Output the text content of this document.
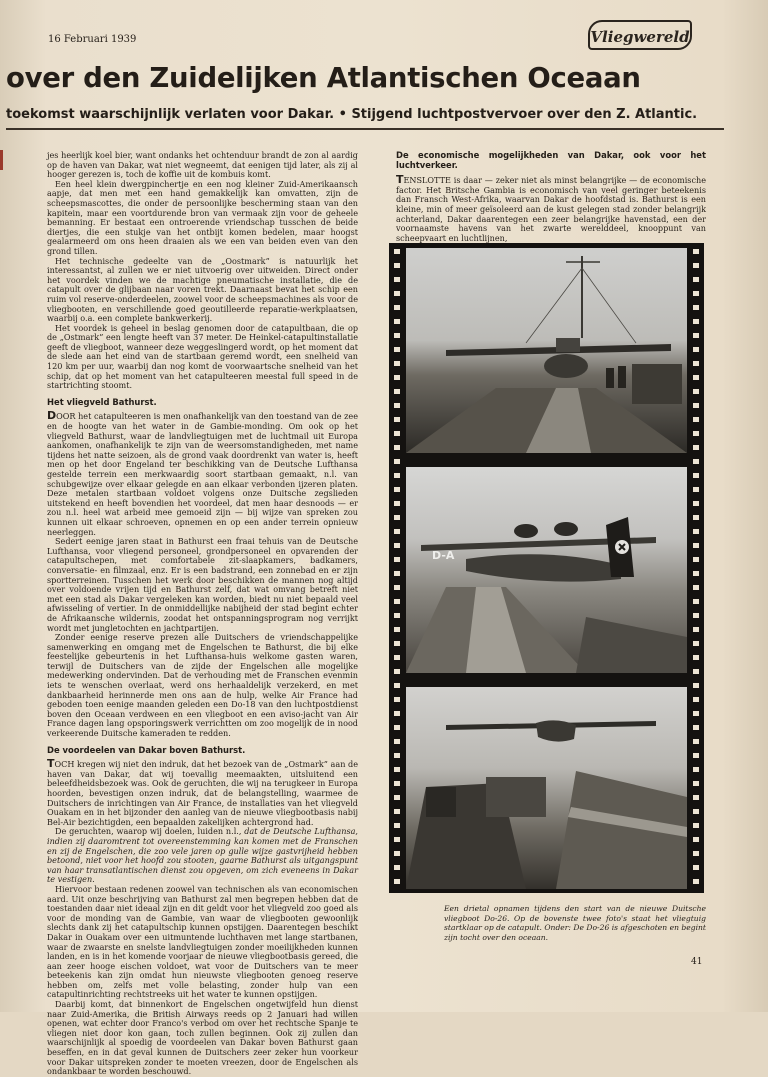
16 Februari 1939	Vliegwereld
over den Zuidelijken Atlantischen Oceaan
toekomst waarschijnlijk verlaten voor Dakar. • Stijgend luchtpostvervoer over den Z. Atlantic.

jes heerlijk koel bier, want ondanks het ochtenduur brandt de zon al aardig op de haven van Dakar, wat niet wegneemt, dat eenigen tijd later, als zij al hooger gerezen is, toch de koffie uit de kombuis komt.

Een heel klein dwergpinchertje en een nog kleiner Zuid-Amerikaansch aapje, dat men met een hand gemakkelijk kan omvatten, zijn de scheepsmascottes, die onder de persoonlijke bescherming staan van den kapitein, maar een voortdurende bron van vermaak zijn voor de geheele bemanning. Er bestaat een ontroerende vriendschap tusschen de beide diertjes, die een stukje van het ontbijt komen bedelen, maar hoogst gealarmeerd om ons heen draaien als we een van beiden even van den grond tillen.

Het technische gedeelte van de „Oostmark” is natuurlijk het interessantst, al zullen we er niet uitvoerig over uitweiden. Direct onder het voordek vinden we de machtige pneumatische installatie, die de catapult over de glijbaan naar voren trekt. Daarnaast bevat het schip een ruim vol reserve-onderdeelen, zoowel voor de scheepsmachines als voor de vliegbooten, en verschillende goed geoutilleerde reparatie-werkplaatsen, waarbij o.a. een complete bankwerkerij.

Het voordek is geheel in beslag genomen door de catapultbaan, die op de „Ostmark” een lengte heeft van 37 meter. De Heinkel-catapultinstallatie geeft de vliegboot, wanneer deze weggeslingerd wordt, op het moment dat de slede aan het eind van de startbaan geremd wordt, een snelheid van 120 km per uur, waarbij dan nog komt de voorwaartsche snelheid van het schip, dat op het moment van het catapulteeren meestal full speed in de startrichting stoomt.

Het vliegveld Bathurst.

DOOR het catapulteeren is men onafhankelijk van den toestand van de zee en de hoogte van het water in de Gambie-monding. Om ook op het vliegveld Bathurst, waar de landvliegtuigen met de luchtmail uit Europa aankomen, onafhankelijk te zijn van de weersomstandigheden, met name tijdens het natte seizoen, als de grond vaak doordrenkt van water is, heeft men op het door Engeland ter beschikking van de Deutsche Lufthansa gestelde terrein een merkwaardig soort startbaan gemaakt, n.l. van schubgewijze over elkaar gelegde en aan elkaar verbonden ijzeren platen. Deze metalen startbaan voldoet volgens onze Duitsche zegslieden uitstekend en heeft bovendien het voordeel, dat men haar desnoods — er zou n.l. heel wat arbeid mee gemoeid zijn — bij wijze van spreken zou kunnen uit elkaar schroeven, opnemen en op een ander terrein opnieuw neerleggen.

Sedert eenige jaren staat in Bathurst een fraai tehuis van de Deutsche Lufthansa, voor vliegend personeel, grondpersoneel en opvarenden der catapultschepen, met comfortabele zit-slaapkamers, badkamers, conversatie- en filmzaal, enz. Er is een badstrand, een zonnebad en er zijn sportterreinen. Tusschen het werk door beschikken de mannen nog altijd over voldoende vrijen tijd en Bathurst zelf, dat wat omvang betreft niet met een stad als Dakar vergeleken kan worden, biedt nu niet bepaald veel afwisseling of vertier. In de onmiddellijke nabijheid der stad begint echter de Afrikaansche wildernis, zoodat het ontspanningsprogram nog verrijkt wordt met jungletochten en jachtpartijen.

Zonder eenige reserve prezen alle Duitschers de vriendschappelijke samenwerking en omgang met de Engelschen te Bathurst, die bij elke feestelijke gebeurtenis in het Lufthansa-huis welkome gasten waren, terwijl de Duitschers van de zijde der Engelschen alle mogelijke medewerking ondervinden. Dat de verhouding met de Franschen evenmin iets te wenschen overlaat, werd ons herhaaldelijk verzekerd, en met dankbaarheid herinnerde men ons aan de hulp, welke Air France had geboden toen eenige maanden geleden een Do-18 van den luchtpostdienst boven den Oceaan verdween en een vliegboot en een aviso-jacht van Air France dagen lang opsporingswerk verrichtten om zoo mogelijk de in nood verkeerende Duitsche kameraden te redden.

De voordeelen van Dakar boven Bathurst.

TOCH kregen wij niet den indruk, dat het bezoek van de „Ostmark” aan de haven van Dakar, dat wij toevallig meemaakten, uitsluitend een beleefdheidsbezoek was. Ook de geruchten, die wij na terugkeer in Europa hoorden, bevestigen onzen indruk, dat de belangstelling, waarmee de Duitschers de inrichtingen van Air France, de installaties van het vliegveld Ouakam en in het bijzonder den aanleg van de nieuwe vliegbootbasis nabij Bel-Air bezichtigden, een bepaalden zakelijken achtergrond had.

De geruchten, waarop wij doelen, luiden n.l., dat de Deutsche Lufthansa, indien zij daaromtrent tot overeenstemming kan komen met de Franschen en zij de Engelschen, die zoo vele jaren op gulle wijze gastvrijheid hebben betoond, niet voor het hoofd zou stooten, gaarne Bathurst als uitgangspunt van haar transatlantischen dienst zou opgeven, om zich eveneens in Dakar te vestigen.

Hiervoor bestaan redenen zoowel van technischen als van economischen aard. Uit onze beschrijving van Bathurst zal men begrepen hebben dat de toestanden daar niet ideaal zijn en dit geldt voor het vliegveld zoo goed als voor de monding van de Gambie, van waar de vliegbooten gewoonlijk slechts dank zij het catapultschip kunnen opstijgen. Daarentegen beschikt Dakar in Ouakam over een uitmuntende luchthaven met lange startbanen, waar de zwaarste en snelste landvliegtuigen zonder moeilijkheden kunnen landen, en is in het komende voorjaar de nieuwe vliegbootbasis gereed, die aan zeer hooge eischen voldoet, wat voor de Duitschers van te meer beteekenis kan zijn omdat hun nieuwste vliegbooten genoeg reserve hebben om, zelfs met volle belasting, zonder hulp van een catapultinrichting rechtstreeks uit het water te kunnen opstijgen.

Daarbij komt, dat binnenkort de Engelschen ongetwijfeld hun dienst naar Zuid-Amerika, die British Airways reeds op 2 Januari had willen openen, wat echter door Franco's verbod om over het rechtsche Spanje te vliegen niet door kon gaan, toch zullen beginnen. Ook zij zullen dan waarschijnlijk al spoedig de voordeelen van Dakar boven Bathurst gaan beseffen, en in dat geval kunnen de Duitschers zeer zeker hun voorkeur voor Dakar uitspreken zonder te moeten vreezen, door de Engelschen als ondankbaar te worden beschouwd.

De economische mogelijkheden van Dakar, ook voor het luchtverkeer.

TENSLOTTE is daar — zeker niet als minst belangrijke — de economische factor. Het Britsche Gambia is economisch van veel geringer beteekenis dan Fransch West-Afrika, waarvan Dakar de hoofdstad is. Bathurst is een kleine, min of meer geïsoleerd aan de kust gelegen stad zonder belangrijk achterland, Dakar daarentegen een zeer belangrijke havenstad, een der voornaamste havens van het zwarte werelddeel, knooppunt van scheepvaart en luchtlijnen,

D-A
Een drietal opnamen tijdens den start van de nieuwe Duitsche vliegboot Do-26. Op de bovenste twee foto's staat het vliegtuig startklaar op de catapult. Onder: De Do-26 is afgeschoten en begint zijn tocht over den oceaan.
41
